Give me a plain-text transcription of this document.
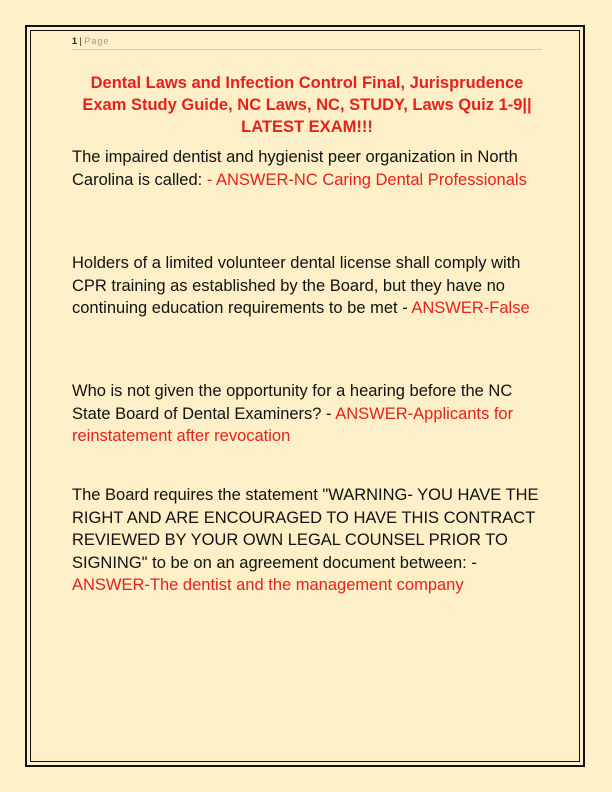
1 | Page
Dental Laws and Infection Control Final, Jurisprudence Exam Study Guide, NC Laws, NC, STUDY, Laws Quiz 1-9|| LATEST EXAM!!!
The impaired dentist and hygienist peer organization in North Carolina is called: - ANSWER-NC Caring Dental Professionals
Holders of a limited volunteer dental license shall comply with CPR training as established by the Board, but they have no continuing education requirements to be met - ANSWER-False
Who is not given the opportunity for a hearing before the NC State Board of Dental Examiners? - ANSWER-Applicants for reinstatement after revocation
The Board requires the statement "WARNING- YOU HAVE THE RIGHT AND ARE ENCOURAGED TO HAVE THIS CONTRACT REVIEWED BY YOUR OWN LEGAL COUNSEL PRIOR TO SIGNING" to be on an agreement document between: - ANSWER-The dentist and the management company
